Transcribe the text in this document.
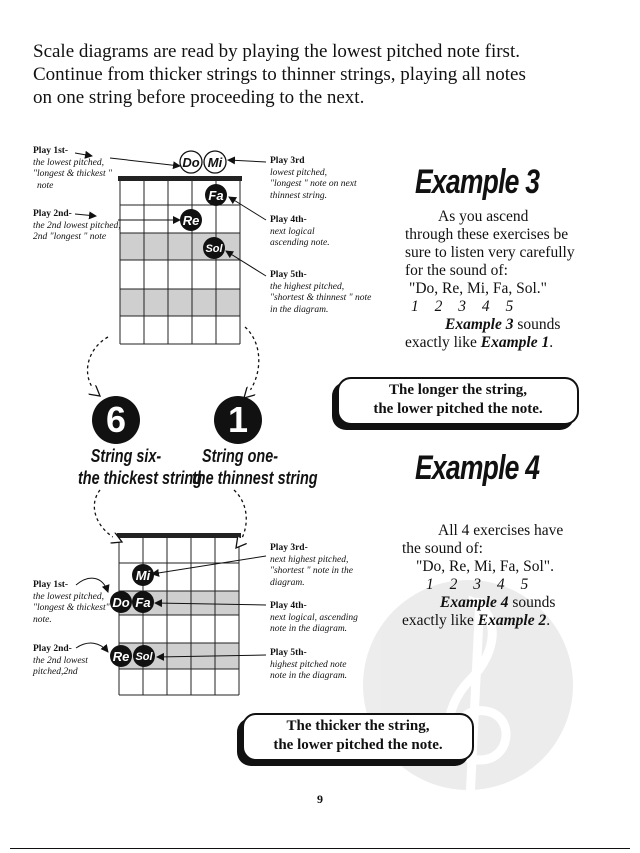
Scale diagrams are read by playing the lowest pitched note first.
Continue from thicker strings to thinner strings, playing all notes
on one string before proceeding to the next.
Do Mi
Fa
Re
Sol
Mi
Do Fa
Re Sol
Play 1st-
the lowest pitched,
"longest & thickest "
note
Play 2nd-
the 2nd lowest pitched,
2nd "longest " note
Play 3rd
lowest pitched,
"longest " note on next
thinnest string.
Play 4th-
next logical
ascending note.
Play 5th-
the highest pitched,
"shortest & thinnest " note
in the diagram.
6	1
String six-
the thickest string
String one-
the thinnest string
Play 1st-
the lowest pitched,
"longest & thickest"
note.
Play 2nd-
the 2nd lowest
pitched,2nd
Play 3rd-
next highest pitched,
"shortest " note in the
diagram.
Play 4th-
next logical, ascending
note in the diagram.
Play 5th-
highest pitched note
note in the diagram.
Example 3
As you ascend
through these exercises be
sure to listen very carefully
for the sound of:
"Do, Re, Mi, Fa, Sol."
1 2 3 4 5
Example 3 sounds
exactly like Example 1.
The longer the string,
the lower pitched the note.
Example 4
All 4 exercises have
the sound of:
"Do, Re, Mi, Fa, Sol".
1 2 3 4 5
Example 4 sounds
exactly like Example 2.
The thicker the string,
the lower pitched the note.
9
